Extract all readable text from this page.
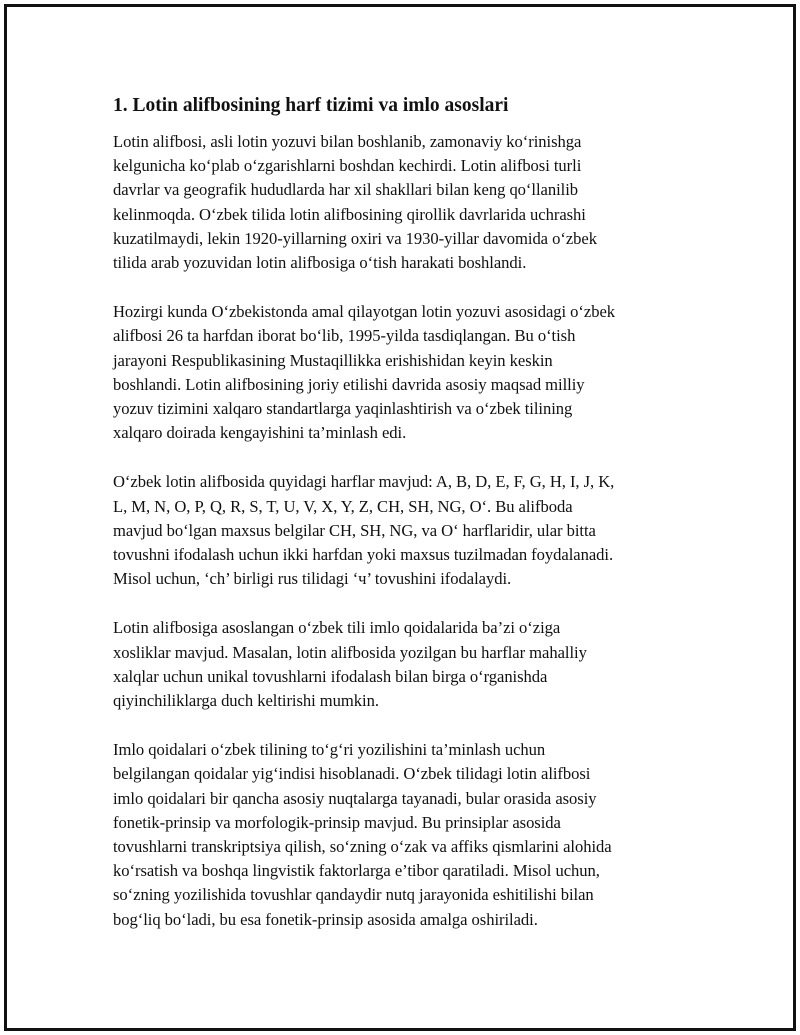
1. Lotin alifbosining harf tizimi va imlo asoslari

Lotin alifbosi, asli lotin yozuvi bilan boshlanib, zamonaviy ko‘rinishga
kelgunicha ko‘plab o‘zgarishlarni boshdan kechirdi. Lotin alifbosi turli
davrlar va geografik hududlarda har xil shakllari bilan keng qo‘llanilib
kelinmoqda. O‘zbek tilida lotin alifbosining qirollik davrlarida uchrashi
kuzatilmaydi, lekin 1920-yillarning oxiri va 1930-yillar davomida o‘zbek
tilida arab yozuvidan lotin alifbosiga o‘tish harakati boshlandi.

Hozirgi kunda O‘zbekistonda amal qilayotgan lotin yozuvi asosidagi o‘zbek
alifbosi 26 ta harfdan iborat bo‘lib, 1995-yilda tasdiqlangan. Bu o‘tish
jarayoni Respublikasining Mustaqillikka erishishidan keyin keskin
boshlandi. Lotin alifbosining joriy etilishi davrida asosiy maqsad milliy
yozuv tizimini xalqaro standartlarga yaqinlashtirish va o‘zbek tilining
xalqaro doirada kengayishini ta’minlash edi.

O‘zbek lotin alifbosida quyidagi harflar mavjud: A, B, D, E, F, G, H, I, J, K,
L, M, N, O, P, Q, R, S, T, U, V, X, Y, Z, CH, SH, NG, O‘. Bu alifboda
mavjud bo‘lgan maxsus belgilar CH, SH, NG, va O‘ harflaridir, ular bitta
tovushni ifodalash uchun ikki harfdan yoki maxsus tuzilmadan foydalanadi.
Misol uchun, ‘ch’ birligi rus tilidagi ‘ч’ tovushini ifodalaydi.

Lotin alifbosiga asoslangan o‘zbek tili imlo qoidalarida ba’zi o‘ziga
xosliklar mavjud. Masalan, lotin alifbosida yozilgan bu harflar mahalliy
xalqlar uchun unikal tovushlarni ifodalash bilan birga o‘rganishda
qiyinchiliklarga duch keltirishi mumkin.

Imlo qoidalari o‘zbek tilining to‘g‘ri yozilishini ta’minlash uchun
belgilangan qoidalar yig‘indisi hisoblanadi. O‘zbek tilidagi lotin alifbosi
imlo qoidalari bir qancha asosiy nuqtalarga tayanadi, bular orasida asosiy
fonetik-prinsip va morfologik-prinsip mavjud. Bu prinsiplar asosida
tovushlarni transkriptsiya qilish, so‘zning o‘zak va affiks qismlarini alohida
ko‘rsatish va boshqa lingvistik faktorlarga e’tibor qaratiladi. Misol uchun,
so‘zning yozilishida tovushlar qandaydir nutq jarayonida eshitilishi bilan
bog‘liq bo‘ladi, bu esa fonetik-prinsip asosida amalga oshiriladi.
